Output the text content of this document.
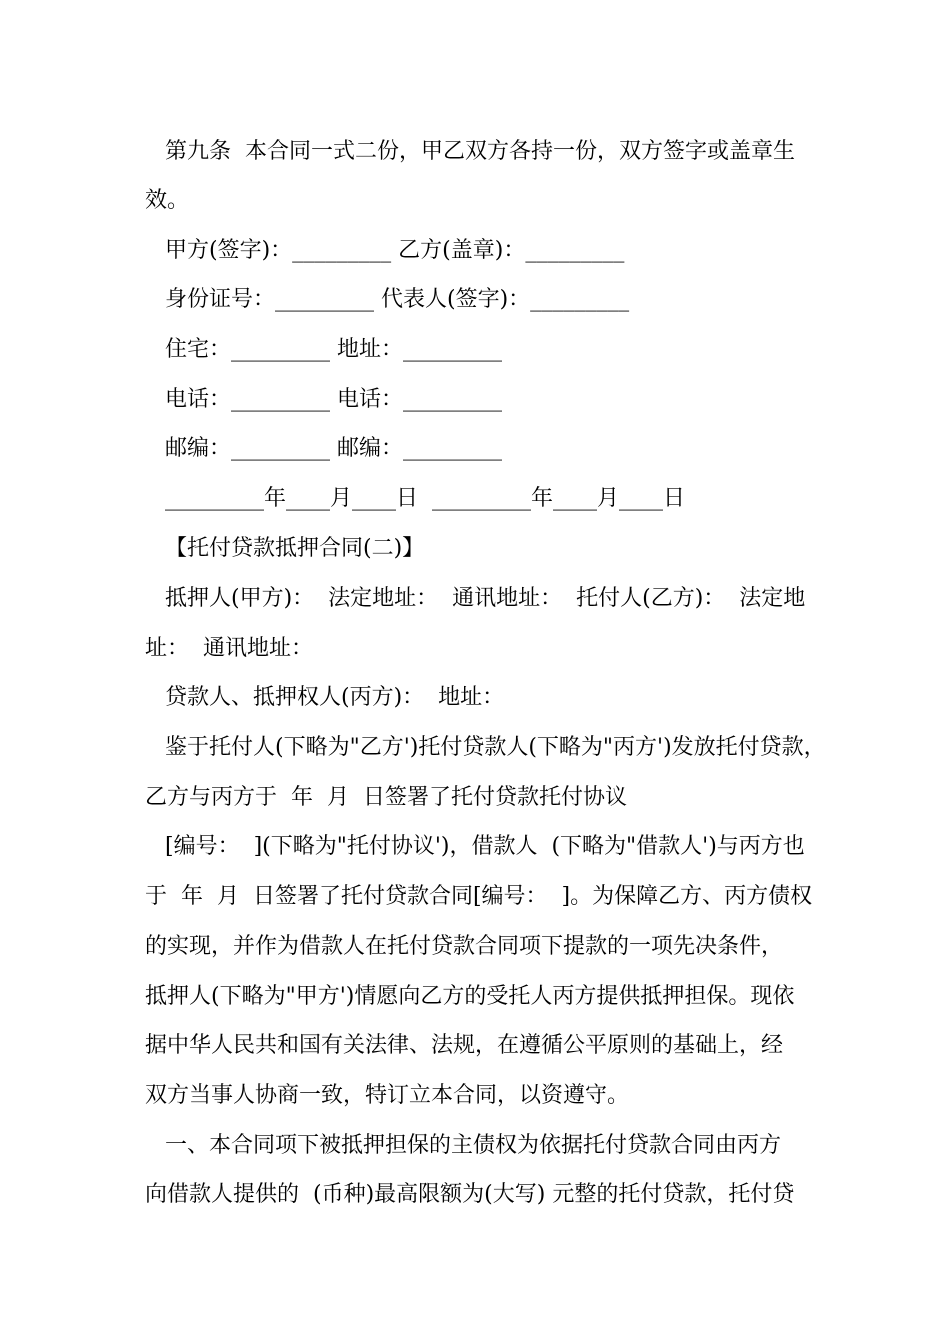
第九条  本合同一式二份，甲乙双方各持一份，双方签字或盖章生
效。
甲方(签字)：_________ 乙方(盖章)：_________
身份证号：_________ 代表人(签字)：_________
住宅：_________ 地址：_________
电话：_________ 电话：_________
邮编：_________ 邮编：_________
_________年____月____日  _________年____月____日
【托付贷款抵押合同(二)】
抵押人(甲方)：  法定地址：  通讯地址：  托付人(乙方)：  法定地
址：  通讯地址：
贷款人、抵押权人(丙方)：  地址：
鉴于托付人(下略为"乙方')托付贷款人(下略为"丙方')发放托付贷款，
乙方与丙方于  年  月  日签署了托付贷款托付协议
[编号：  ](下略为"托付协议')，借款人  (下略为"借款人')与丙方也
于  年  月  日签署了托付贷款合同[编号：  ]。为保障乙方、丙方债权
的实现，并作为借款人在托付贷款合同项下提款的一项先决条件，
抵押人(下略为"甲方')情愿向乙方的受托人丙方提供抵押担保。现依
据中华人民共和国有关法律、法规，在遵循公平原则的基础上，经
双方当事人协商一致，特订立本合同，以资遵守。
一、本合同项下被抵押担保的主债权为依据托付贷款合同由丙方
向借款人提供的  (币种)最高限额为(大写) 元整的托付贷款，托付贷
